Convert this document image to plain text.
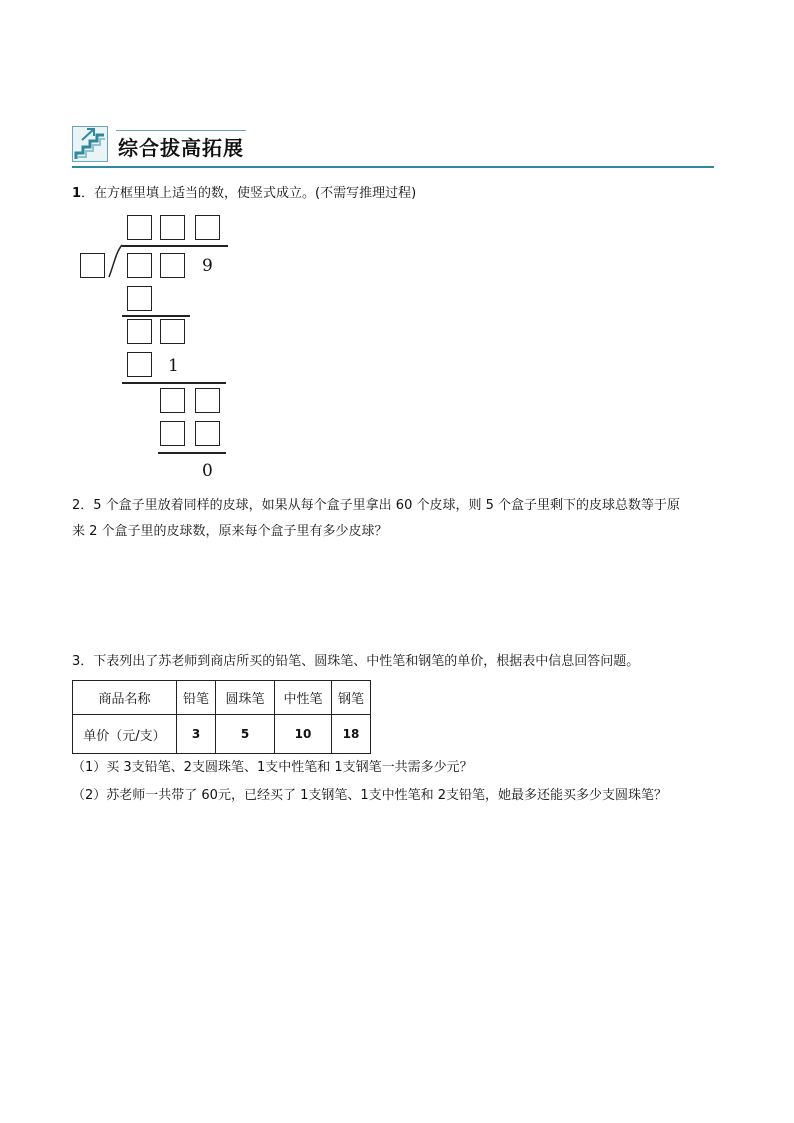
综合拔高拓展
1．在方框里填上适当的数，使竖式成立。(不需写推理过程)
9
1
0
2．5 个盒子里放着同样的皮球，如果从每个盒子里拿出 60 个皮球，则 5 个盒子里剩下的皮球总数等于原
来 2 个盒子里的皮球数，原来每个盒子里有多少皮球？
3．下表列出了苏老师到商店所买的铅笔、圆珠笔、中性笔和钢笔的单价，根据表中信息回答问题。
商品名称	铅笔	圆珠笔	中性笔	钢笔
单价（元/支）	3	5	10	18
（1）买 3支铅笔、2支圆珠笔、1支中性笔和 1支钢笔一共需多少元？
（2）苏老师一共带了 60元，已经买了 1支钢笔、1支中性笔和 2支铅笔，她最多还能买多少支圆珠笔？
